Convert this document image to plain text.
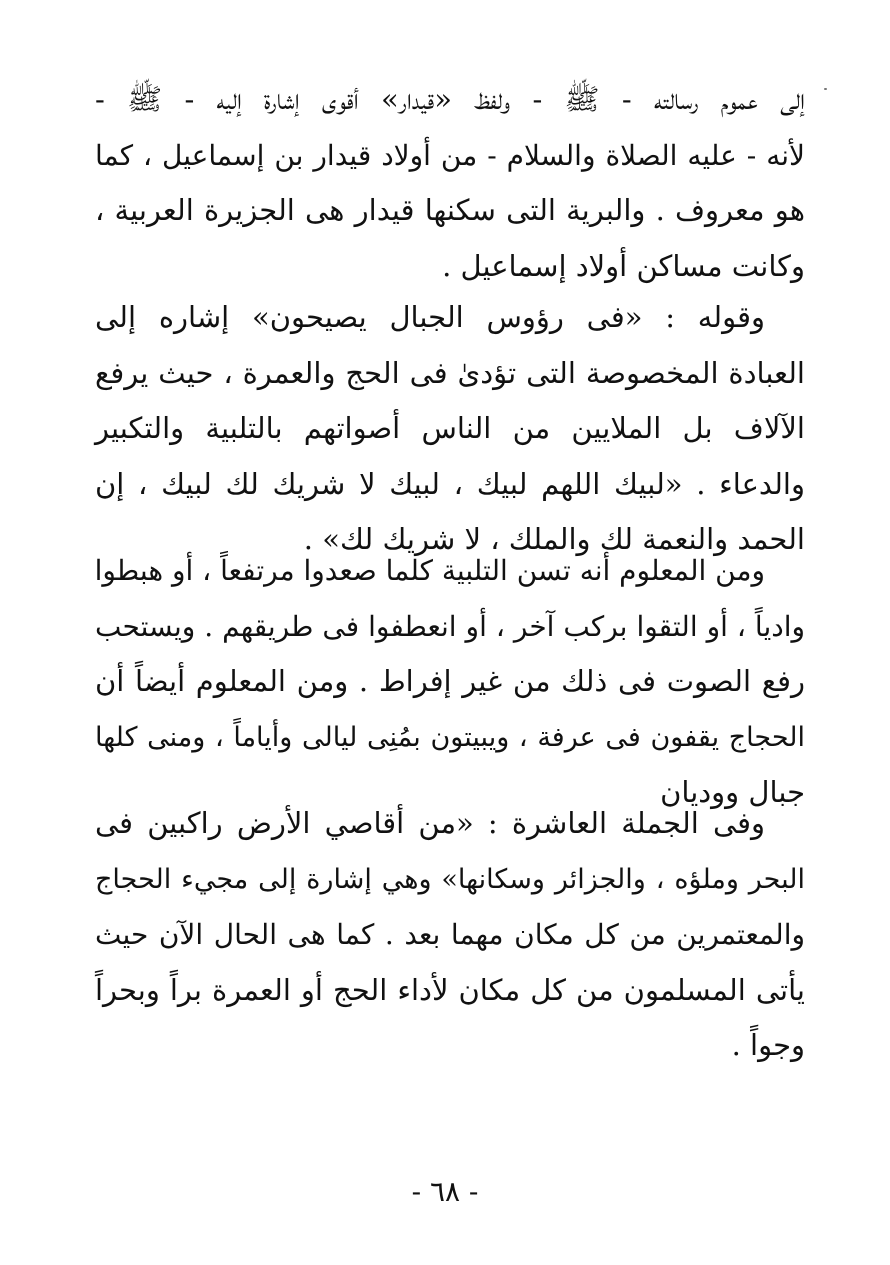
إلى عموم رسالته - ﷺ - ولفظ «قيدار» أقوى إشارة إليه - ﷺ -
لأنه - عليه الصلاة والسلام - من أولاد قيدار بن إسماعيل ، كما
هو معروف . والبرية التى سكنها قيدار هى الجزيرة العربية ،
وكانت مساكن أولاد إسماعيل .
وقوله : «فى رؤوس الجبال يصيحون» إشاره إلى
العبادة المخصوصة التى تؤدىٰ فى الحج والعمرة ، حيث يرفع
الآلاف بل الملايين من الناس أصواتهم بالتلبية والتكبير
والدعاء . «لبيك اللهم لبيك ، لبيك لا شريك لك لبيك ، إن
الحمد والنعمة لك والملك ، لا شريك لك» .
ومن المعلوم أنه تسن التلبية كلما صعدوا مرتفعاً ، أو هبطوا
وادياً ، أو التقوا بركب آخر ، أو انعطفوا فى طريقهم . ويستحب
رفع الصوت فى ذلك من غير إفراط . ومن المعلوم أيضاً أن
الحجاج يقفون فى عرفة ، ويبيتون بمُنِى ليالى وأياماً ، ومنى كلها
جبال ووديان
وفى الجملة العاشرة : «من أقاصي الأرض راكبين فى
البحر وملؤه ، والجزائر وسكانها» وهي إشارة إلى مجيء الحجاج
والمعتمرين من كل مكان مهما بعد . كما هى الحال الآن حيث
يأتى المسلمون من كل مكان لأداء الحج أو العمرة براً وبحراً
وجواً .
- ٦٨ -
